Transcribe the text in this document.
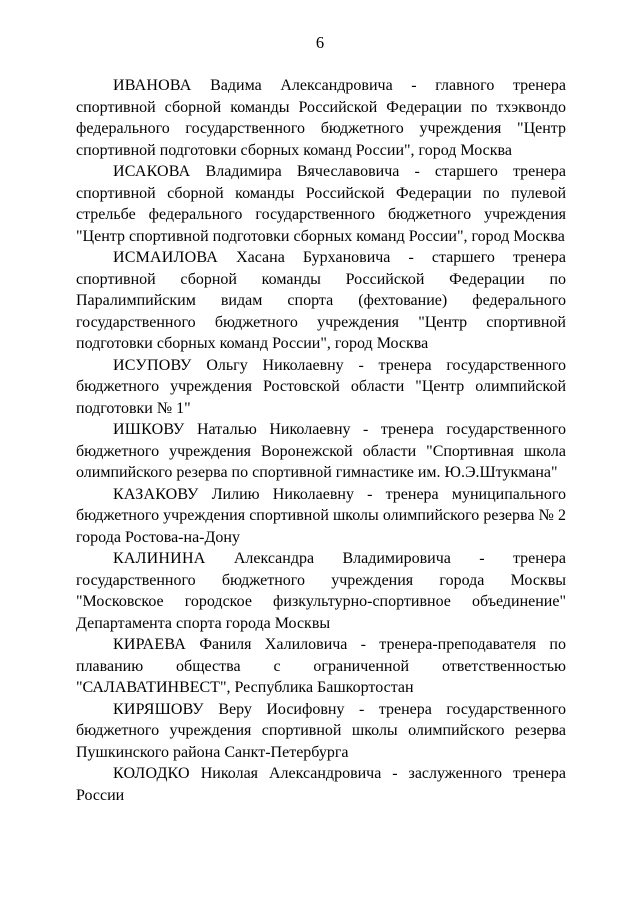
6

ИВАНОВА Вадима Александровича - главного тренера спортивной сборной команды Российской Федерации по тхэквондо федерального государственного бюджетного учреждения "Центр спортивной подготовки сборных команд России", город Москва

ИСАКОВА Владимира Вячеславовича - старшего тренера спортивной сборной команды Российской Федерации по пулевой стрельбе федерального государственного бюджетного учреждения "Центр спортивной подготовки сборных команд России", город Москва

ИСМАИЛОВА Хасана Бурхановича - старшего тренера спортивной сборной команды Российской Федерации по Паралимпийским видам спорта (фехтование) федерального государственного бюджетного учреждения "Центр спортивной подготовки сборных команд России", город Москва

ИСУПОВУ Ольгу Николаевну - тренера государственного бюджетного учреждения Ростовской области "Центр олимпийской подготовки № 1"

ИШКОВУ Наталью Николаевну - тренера государственного бюджетного учреждения Воронежской области "Спортивная школа олимпийского резерва по спортивной гимнастике им. Ю.Э.Штукмана"

КАЗАКОВУ Лилию Николаевну - тренера муниципального бюджетного учреждения спортивной школы олимпийского резерва № 2 города Ростова-на-Дону

КАЛИНИНА Александра Владимировича - тренера государственного бюджетного учреждения города Москвы "Московское городское физкультурно-спортивное объединение" Департамента спорта города Москвы

КИРАЕВА Фаниля Халиловича - тренера-преподавателя по плаванию общества с ограниченной ответственностью "САЛАВАТИНВЕСТ", Республика Башкортостан

КИРЯШОВУ Веру Иосифовну - тренера государственного бюджетного учреждения спортивной школы олимпийского резерва Пушкинского района Санкт-Петербурга

КОЛОДКО Николая Александровича - заслуженного тренера России
